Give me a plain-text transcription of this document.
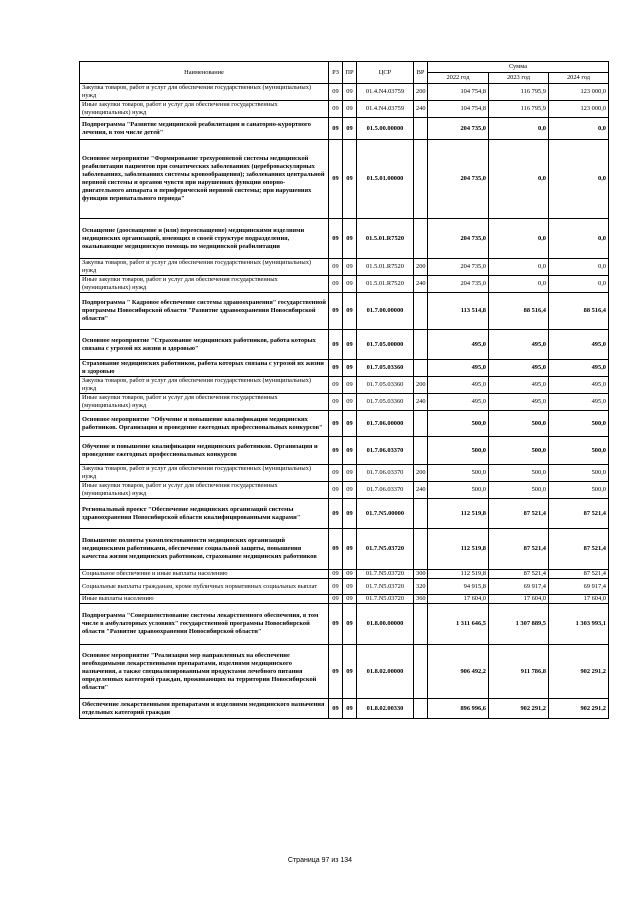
Наименование	РЗ	ПР	ЦСР	ВР	Сумма		
					2022 год	2023 год	2024 год
Закупка товаров, работ и услуг для обеспечения государственных (муниципальных) нужд	09	09	01.4.N4.03759	200	104 754,8	116 795,9	123 000,0
Иные закупки товаров, работ и услуг для обеспечения государственных (муниципальных) нужд	09	09	01.4.N4.03759	240	104 754,8	116 795,9	123 000,0
Подпрограмма "Развитие медицинской реабилитации и санаторно-курортного лечения, в том числе детей"	09	09	01.5.00.00000		204 735,0	0,0	0,0
Основное мероприятие "Формирование трехуровневой системы медицинской реабилитации пациентов при соматических заболеваниях (цереброваскулярных заболеваниях, заболеваниях системы кровообращения); заболеваниях центральной нервной системы и органов чувств при нарушениях функции опорно-двигательного аппарата и периферической нервной системы; при нарушениях функции перинатального периода"	09	09	01.5.01.00000		204 735,0	0,0	0,0
Оснащение (дооснащение и (или) переоснащение) медицинскими изделиями медицинских организаций, имеющих в своей структуре подразделения, оказывающие медицинскую помощь по медицинской реабилитации	09	09	01.5.01.R7520		204 735,0	0,0	0,0
Закупка товаров, работ и услуг для обеспечения государственных (муниципальных) нужд	09	09	01.5.01.R7520	200	204 735,0	0,0	0,0
Иные закупки товаров, работ и услуг для обеспечения государственных (муниципальных) нужд	09	09	01.5.01.R7520	240	204 735,0	0,0	0,0
Подпрограмма " Кадровое обеспечение системы здравоохранения" государственной программы Новосибирской области "Развитие здравоохранения Новосибирской области"	09	09	01.7.00.00000		113 514,8	88 516,4	88 516,4
Основное мероприятие "Страхование медицинских работников, работа которых связана с угрозой их жизни и здоровью"	09	09	01.7.05.00000		495,0	495,0	495,0
Страхование медицинских работников, работа которых связана с угрозой их жизни и здоровью	09	09	01.7.05.03360		495,0	495,0	495,0
Закупка товаров, работ и услуг для обеспечения государственных (муниципальных) нужд	09	09	01.7.05.03360	200	495,0	495,0	495,0
Иные закупки товаров, работ и услуг для обеспечения государственных (муниципальных) нужд	09	09	01.7.05.03360	240	495,0	495,0	495,0
Основное мероприятие "Обучение и повышение квалификации медицинских работников. Организация и проведение ежегодных профессиональных конкурсов"	09	09	01.7.06.00000		500,0	500,0	500,0
Обучение и повышение квалификации медицинских работников. Организация и проведение ежегодных профессиональных конкурсов	09	09	01.7.06.03370		500,0	500,0	500,0
Закупка товаров, работ и услуг для обеспечения государственных (муниципальных) нужд	09	09	01.7.06.03370	200	500,0	500,0	500,0
Иные закупки товаров, работ и услуг для обеспечения государственных (муниципальных) нужд	09	09	01.7.06.03370	240	500,0	500,0	500,0
Региональный проект "Обеспечение медицинских организаций системы здравоохранения Новосибирской области квалифицированными кадрами"	09	09	01.7.N5.00000		112 519,8	87 521,4	87 521,4
Повышение полноты укомплектованности медицинских организаций медицинскими работниками, обеспечение социальной защиты, повышения качества жизни медицинских работников, страхование медицинских работников	09	09	01.7.N5.03720		112 519,8	87 521,4	87 521,4
Социальное обеспечение и иные выплаты населению	09	09	01.7.N5.03720	300	112 519,8	87 521,4	87 521,4
Социальные выплаты гражданам, кроме публичных нормативных социальных выплат	09	09	01.7.N5.03720	320	94 915,8	69 917,4	69 917,4
Иные выплаты населению	09	09	01.7.N5.03720	360	17 604,0	17 604,0	17 604,0
Подпрограмма "Совершенствование системы лекарственного обеспечения, в том числе в амбулаторных условиях" государственной программы Новосибирской области "Развитие здравоохранения Новосибирской области"	09	09	01.8.00.00000		1 311 646,5	1 307 889,5	1 303 993,1
Основное мероприятие "Реализация мер направленных на обеспечение необходимыми лекарственными препаратами, изделиями медицинского назначения, а также специализированными продуктами лечебного питания определенных категорий граждан, проживающих на территории Новосибирской области"	09	09	01.8.02.00000		906 492,2	911 786,8	902 291,2
Обеспечение лекарственными препаратами и изделиями медицинского назначения отдельных категорий граждан	09	09	01.8.02.00330		896 996,6	902 291,2	902 291,2
Страница 97 из 134
